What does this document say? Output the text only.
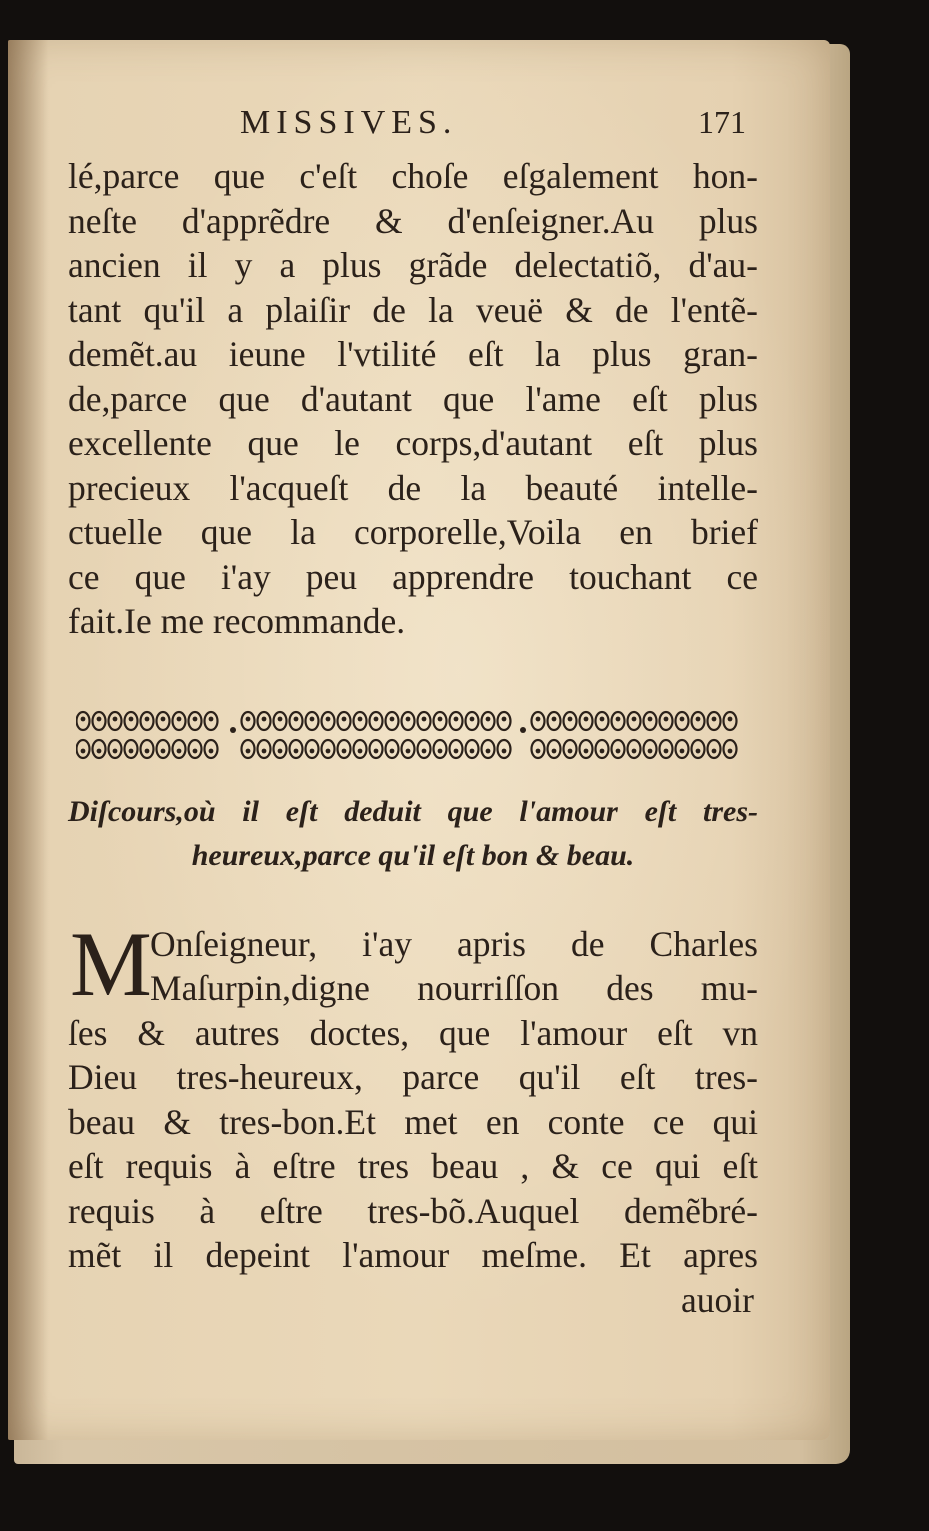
MISSIVES.	171
lé,parce que c'eſt choſe eſgalement hon-
neſte d'apprẽdre & d'enſeigner.Au plus
ancien il y a plus grãde delectatiõ, d'au-
tant qu'il a plaiſir de la veuë & de l'entẽ-
demẽt.au ieune l'vtilité eſt la plus gran-
de,parce que d'autant que l'ame eſt plus
excellente que le corps,d'autant eſt plus
precieux l'acqueſt de la beauté intelle-
ctuelle que la corporelle,Voila en brief
ce que i'ay peu apprendre touchant ce
fait.Ie me recommande.
Diſcours,où il eſt deduit que l'amour eſt tres-
heureux,parce qu'il eſt bon & beau.
M
Onſeigneur, i'ay apris de Charles
Maſurpin,digne nourriſſon des mu-
ſes & autres doctes, que l'amour eſt vn
Dieu tres-heureux, parce qu'il eſt tres-
beau & tres-bon.Et met en conte ce qui
eſt requis à eſtre tres beau , & ce qui eſt
requis à eſtre tres-bõ.Auquel demẽbré-
mẽt il depeint l'amour meſme. Et apres
auoir
